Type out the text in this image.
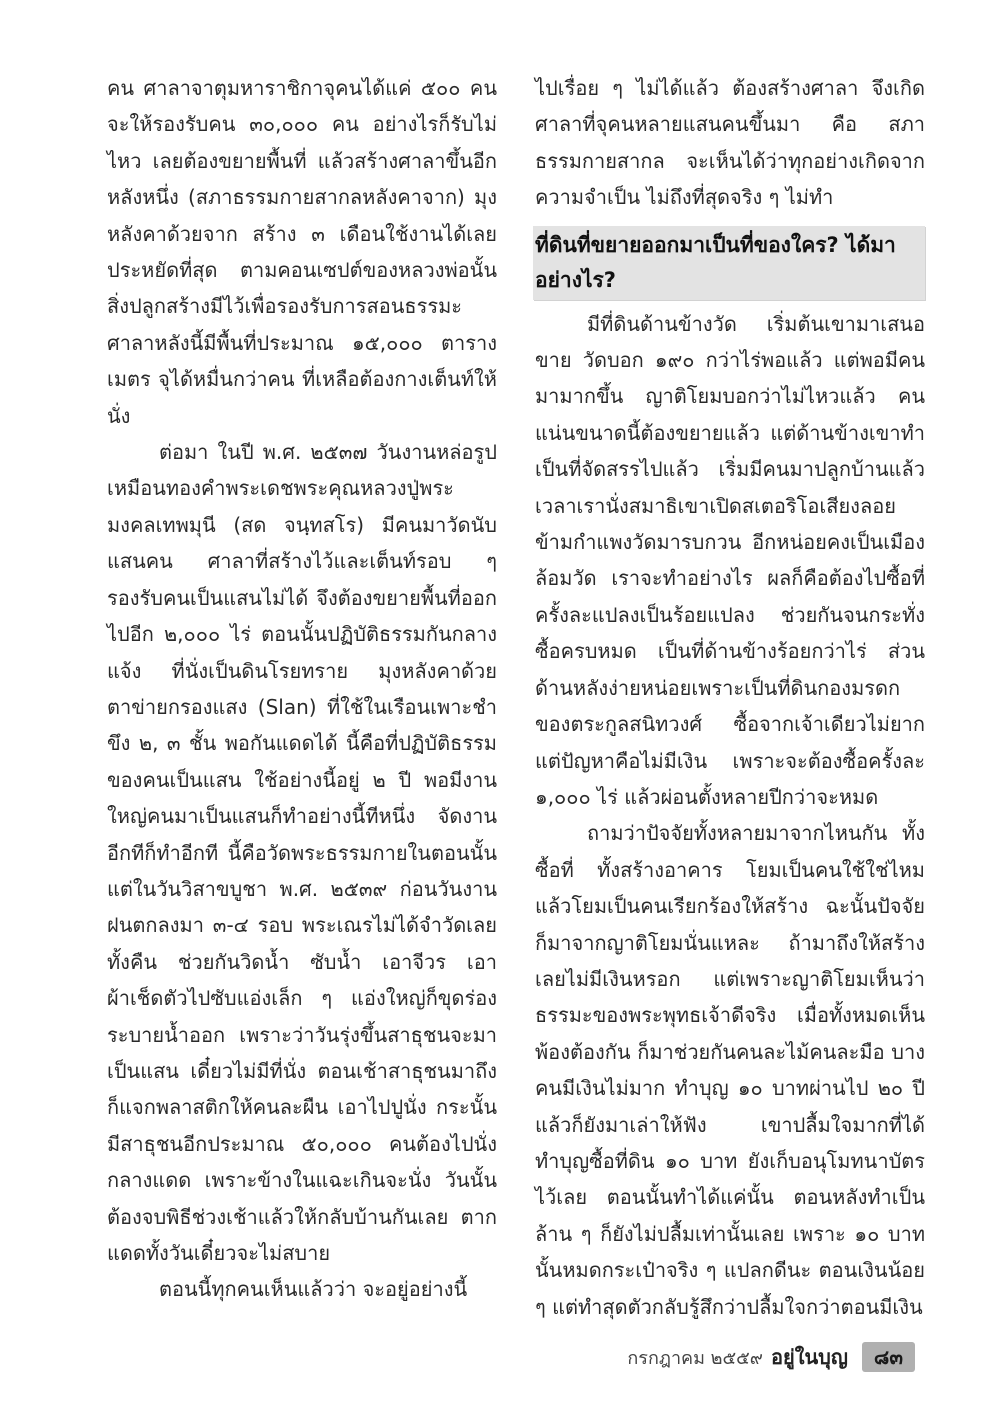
คน ศาลาจาตุมหาราชิกาจุคนได้แค่ ๕๐๐ คน จะให้รองรับคน ๓๐,๐๐๐ คน อย่างไรก็รับไม่ไหว เลยต้องขยายพื้นที่ แล้วสร้างศาลาขึ้นอีกหลังหนึ่ง (สภาธรรมกายสากลหลังคาจาก) มุงหลังคาด้วยจาก สร้าง ๓ เดือนใช้งานได้เลย ประหยัดที่สุด ตามคอนเซปต์ของหลวงพ่อนั้น สิ่งปลูกสร้างมีไว้เพื่อรองรับการสอนธรรมะ ศาลาหลังนี้มีพื้นที่ประมาณ ๑๕,๐๐๐ ตารางเมตร จุได้หมื่นกว่าคน ที่เหลือต้องกางเต็นท์ให้นั่ง

ต่อมา ในปี พ.ศ. ๒๕๓๗ วันงานหล่อรูปเหมือนทองคำพระเดชพระคุณหลวงปู่พระมงคลเทพมุนี (สด จนฺทสโร) มีคนมาวัดนับแสนคน ศาลาที่สร้างไว้และเต็นท์รอบ ๆ รองรับคนเป็นแสนไม่ได้ จึงต้องขยายพื้นที่ออกไปอีก ๒,๐๐๐ ไร่ ตอนนั้นปฏิบัติธรรมกันกลางแจ้ง ที่นั่งเป็นดินโรยทราย มุงหลังคาด้วยตาข่ายกรองแสง (Slan) ที่ใช้ในเรือนเพาะชำขึง ๒, ๓ ชั้น พอกันแดดได้ นี้คือที่ปฏิบัติธรรมของคนเป็นแสน ใช้อย่างนี้อยู่ ๒ ปี พอมีงานใหญ่คนมาเป็นแสนก็ทำอย่างนี้ทีหนึ่ง จัดงานอีกทีก็ทำอีกที นี้คือวัดพระธรรมกายในตอนนั้น แต่ในวันวิสาขบูชา พ.ศ. ๒๕๓๙ ก่อนวันงานฝนตกลงมา ๓-๔ รอบ พระเณรไม่ได้จำวัดเลยทั้งคืน ช่วยกันวิดน้ำ ซับน้ำ เอาจีวร เอาผ้าเช็ดตัวไปซับแอ่งเล็ก ๆ แอ่งใหญ่ก็ขุดร่องระบายน้ำออก เพราะว่าวันรุ่งขึ้นสาธุชนจะมาเป็นแสน เดี๋ยวไม่มีที่นั่ง ตอนเช้าสาธุชนมาถึงก็แจกพลาสติกให้คนละผืน เอาไปปูนั่ง กระนั้นมีสาธุชนอีกประมาณ ๕๐,๐๐๐ คนต้องไปนั่งกลางแดด เพราะข้างในแฉะเกินจะนั่ง วันนั้นต้องจบพิธีช่วงเช้าแล้วให้กลับบ้านกันเลย ตากแดดทั้งวันเดี๋ยวจะไม่สบาย

ตอนนี้ทุกคนเห็นแล้วว่า จะอยู่อย่างนี้

ไปเรื่อย ๆ ไม่ได้แล้ว ต้องสร้างศาลา จึงเกิดศาลาที่จุคนหลายแสนคนขึ้นมา คือ สภาธรรมกายสากล จะเห็นได้ว่าทุกอย่างเกิดจากความจำเป็น ไม่ถึงที่สุดจริง ๆ ไม่ทำ

ที่ดินที่ขยายออกมาเป็นที่ของใคร? ได้มาอย่างไร?

มีที่ดินด้านข้างวัด เริ่มต้นเขามาเสนอขาย วัดบอก ๑๙๐ กว่าไร่พอแล้ว แต่พอมีคนมามากขึ้น ญาติโยมบอกว่าไม่ไหวแล้ว คนแน่นขนาดนี้ต้องขยายแล้ว แต่ด้านข้างเขาทำเป็นที่จัดสรรไปแล้ว เริ่มมีคนมาปลูกบ้านแล้ว เวลาเรานั่งสมาธิเขาเปิดสเตอริโอเสียงลอยข้ามกำแพงวัดมารบกวน อีกหน่อยคงเป็นเมืองล้อมวัด เราจะทำอย่างไร ผลก็คือต้องไปซื้อที่ครั้งละแปลงเป็นร้อยแปลง ช่วยกันจนกระทั่งซื้อครบหมด เป็นที่ด้านข้างร้อยกว่าไร่ ส่วนด้านหลังง่ายหน่อยเพราะเป็นที่ดินกองมรดกของตระกูลสนิทวงศ์ ซื้อจากเจ้าเดียวไม่ยาก แต่ปัญหาคือไม่มีเงิน เพราะจะต้องซื้อครั้งละ ๑,๐๐๐ ไร่ แล้วผ่อนตั้งหลายปีกว่าจะหมด

ถามว่าปัจจัยทั้งหลายมาจากไหนกัน ทั้งซื้อที่ ทั้งสร้างอาคาร โยมเป็นคนใช้ใช่ไหม แล้วโยมเป็นคนเรียกร้องให้สร้าง ฉะนั้นปัจจัยก็มาจากญาติโยมนั่นแหละ ถ้ามาถึงให้สร้างเลยไม่มีเงินหรอก แต่เพราะญาติโยมเห็นว่าธรรมะของพระพุทธเจ้าดีจริง เมื่อทั้งหมดเห็นพ้องต้องกัน ก็มาช่วยกันคนละไม้คนละมือ บางคนมีเงินไม่มาก ทำบุญ ๑๐ บาทผ่านไป ๒๐ ปีแล้วก็ยังมาเล่าให้ฟัง เขาปลื้มใจมากที่ได้ทำบุญซื้อที่ดิน ๑๐ บาท ยังเก็บอนุโมทนาบัตรไว้เลย ตอนนั้นทำได้แค่นั้น ตอนหลังทำเป็นล้าน ๆ ก็ยังไม่ปลื้มเท่านั้นเลย เพราะ ๑๐ บาทนั้นหมดกระเป๋าจริง ๆ แปลกดีนะ ตอนเงินน้อย ๆ แต่ทำสุดตัวกลับรู้สึกว่าปลื้มใจกว่าตอนมีเงิน

กรกฎาคม ๒๕๕๙ อยู่ในบุญ	๘๓
